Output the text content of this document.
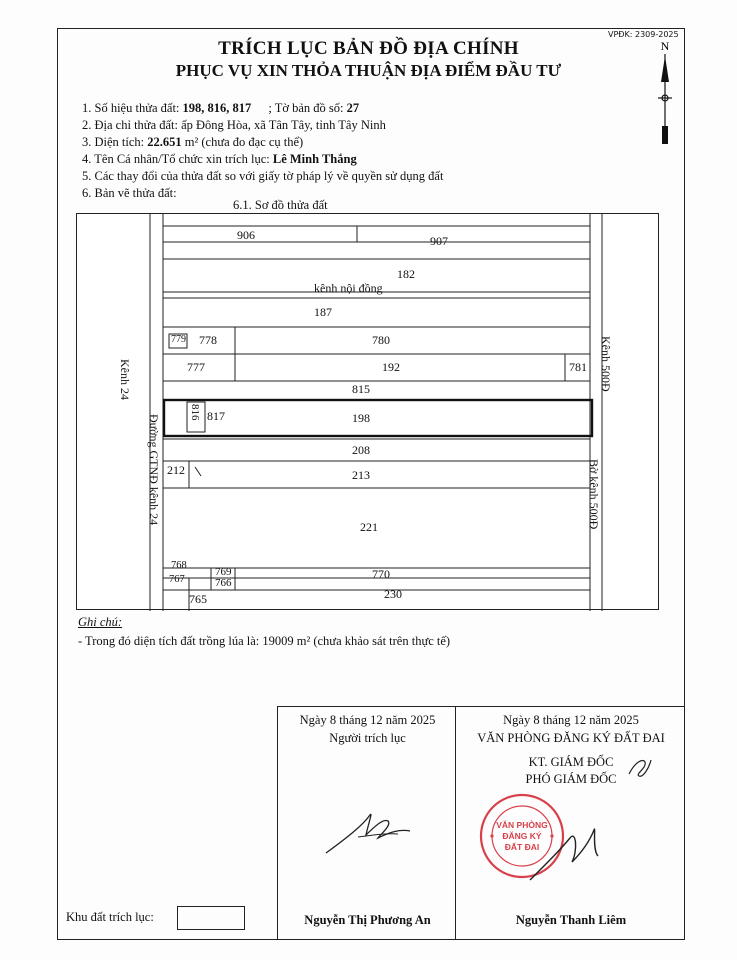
VPĐK: 2309-2025
TRÍCH LỤC BẢN ĐỒ ĐỊA CHÍNH
PHỤC VỤ XIN THỎA THUẬN ĐỊA ĐIỂM ĐẦU TƯ
N
1. Số hiệu thửa đất: 198, 816, 817 ; Tờ bản đồ số: 27
2. Địa chỉ thửa đất: ấp Đông Hòa, xã Tân Tây, tỉnh Tây Ninh
3. Diện tích: 22.651 m² (chưa đo đạc cụ thể)
4. Tên Cá nhân/Tổ chức xin trích lục: Lê Minh Thắng
5. Các thay đổi của thửa đất so với giấy tờ pháp lý về quyền sử dụng đất
6. Bản vẽ thửa đất:
6.1. Sơ đồ thửa đất
906	907
182
kênh nội đồng
187
779 778	780
777	192	781
815
816 817	198
208
212	213
221
768
769	770
767	766
765	230
Kênh 24
Đường GTNĐ kênh 24
Kênh 500Đ
Bờ kênh 500Đ
Ghi chú:
- Trong đó diện tích đất trồng lúa là: 19009 m² (chưa khảo sát trên thực tế)
Ngày 8 tháng 12 năm 2025
Người trích lục
Nguyễn Thị Phương An
Ngày 8 tháng 12 năm 2025
VĂN PHÒNG ĐĂNG KÝ ĐẤT ĐAI
KT. GIÁM ĐỐC
PHÓ GIÁM ĐỐC
Nguyễn Thanh Liêm
VĂN PHÒNG
ĐĂNG KÝ
ĐẤT ĐAI
Khu đất trích lục:
